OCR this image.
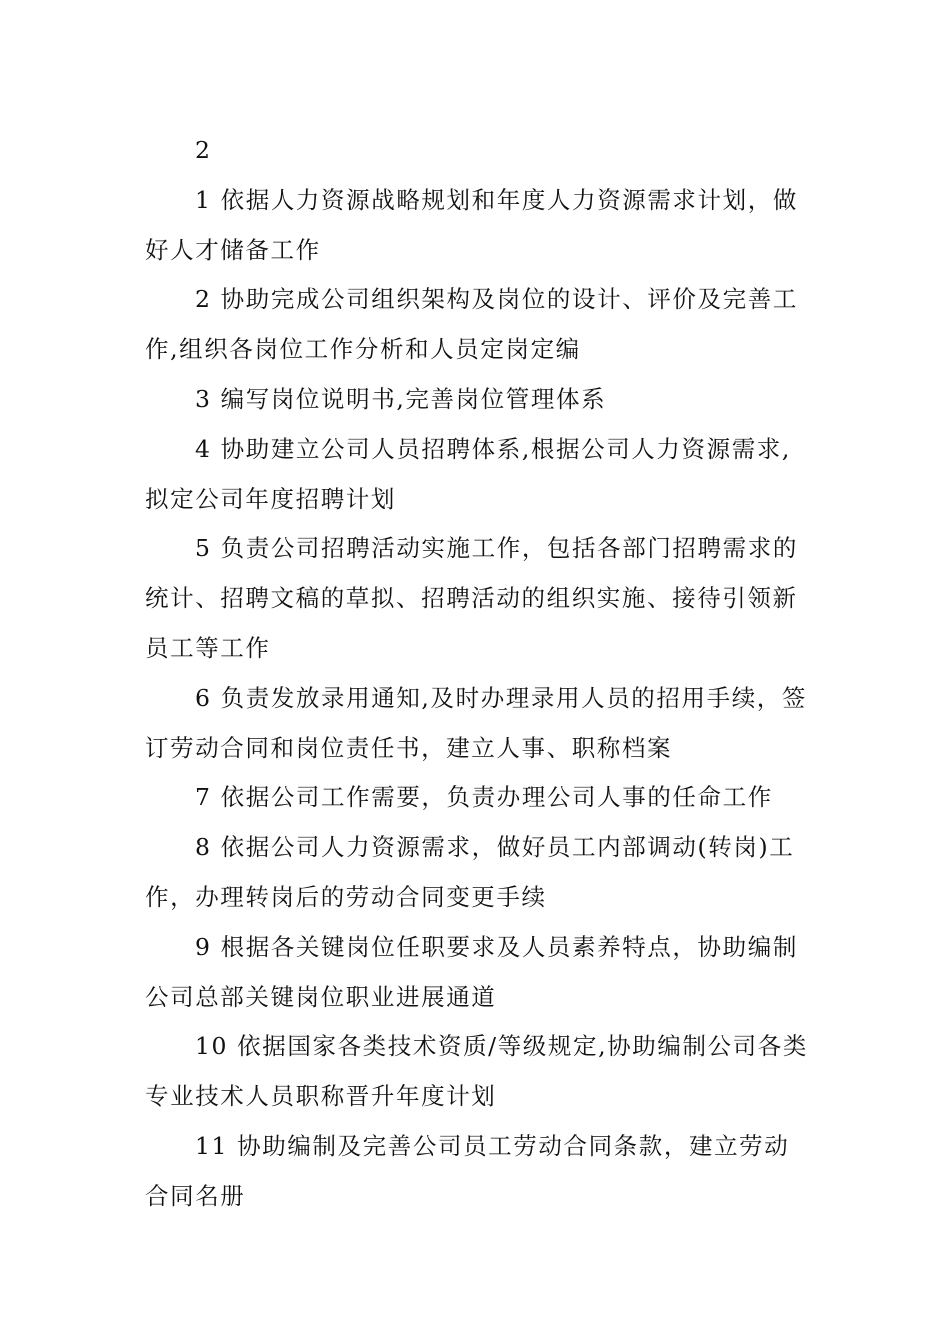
2

1 依据人力资源战略规划和年度人力资源需求计划，做好人才储备工作

2 协助完成公司组织架构及岗位的设计、评价及完善工作,组织各岗位工作分析和人员定岗定编

3 编写岗位说明书,完善岗位管理体系

4 协助建立公司人员招聘体系,根据公司人力资源需求,拟定公司年度招聘计划

5 负责公司招聘活动实施工作，包括各部门招聘需求的统计、招聘文稿的草拟、招聘活动的组织实施、接待引领新员工等工作

6 负责发放录用通知,及时办理录用人员的招用手续，签订劳动合同和岗位责任书，建立人事、职称档案

7 依据公司工作需要，负责办理公司人事的任命工作

8 依据公司人力资源需求，做好员工内部调动(转岗)工作，办理转岗后的劳动合同变更手续

9 根据各关键岗位任职要求及人员素养特点，协助编制公司总部关键岗位职业进展通道

10 依据国家各类技术资质/等级规定,协助编制公司各类专业技术人员职称晋升年度计划

11 协助编制及完善公司员工劳动合同条款，建立劳动合同名册
